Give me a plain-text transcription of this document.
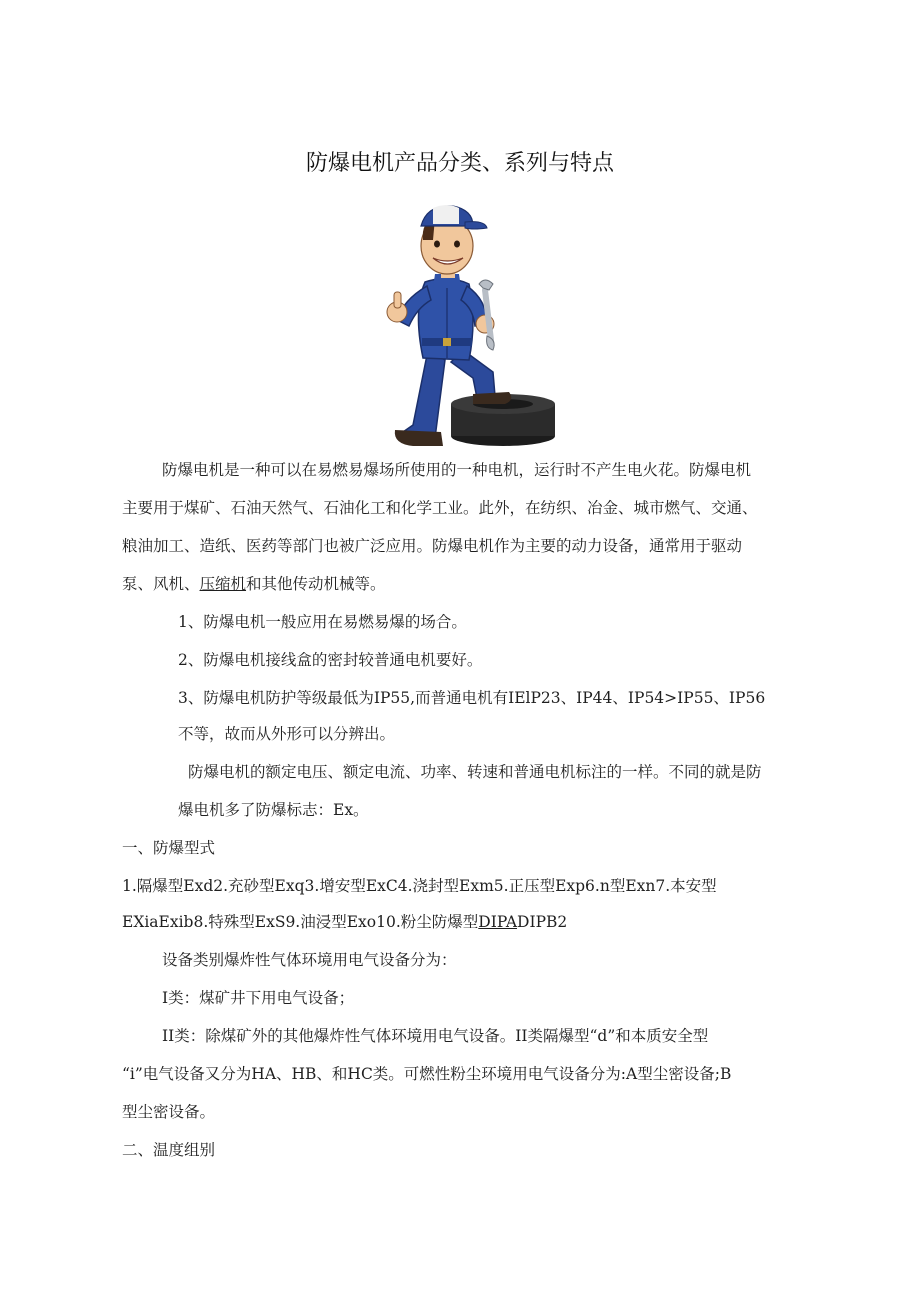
防爆电机产品分类、系列与特点
防爆电机是一种可以在易燃易爆场所使用的一种电机，运行时不产生电火花。防爆电机
主要用于煤矿、石油天然气、石油化工和化学工业。此外，在纺织、冶金、城市燃气、交通、
粮油加工、造纸、医药等部门也被广泛应用。防爆电机作为主要的动力设备，通常用于驱动
泵、风机、压缩机和其他传动机械等。
1、防爆电机一般应用在易燃易爆的场合。
2、防爆电机接线盒的密封较普通电机要好。
3、防爆电机防护等级最低为IP55,而普通电机有IElP23、IP44、IP54>IP55、IP56
不等，故而从外形可以分辨出。
防爆电机的额定电压、额定电流、功率、转速和普通电机标注的一样。不同的就是防
爆电机多了防爆标志：Ex。
一、防爆型式
1.隔爆型Exd2.充砂型Exq3.增安型ExC4.浇封型Exm5.正压型Exp6.n型Exn7.本安型
EXiaExib8.特殊型ExS9.油浸型Exo10.粉尘防爆型DIPADIPB2
设备类别爆炸性气体环境用电气设备分为：
I类：煤矿井下用电气设备；
II类：除煤矿外的其他爆炸性气体环境用电气设备。II类隔爆型“d”和本质安全型
“i”电气设备又分为HA、HB、和HC类。可燃性粉尘环境用电气设备分为:A型尘密设备;B
型尘密设备。
二、温度组别
